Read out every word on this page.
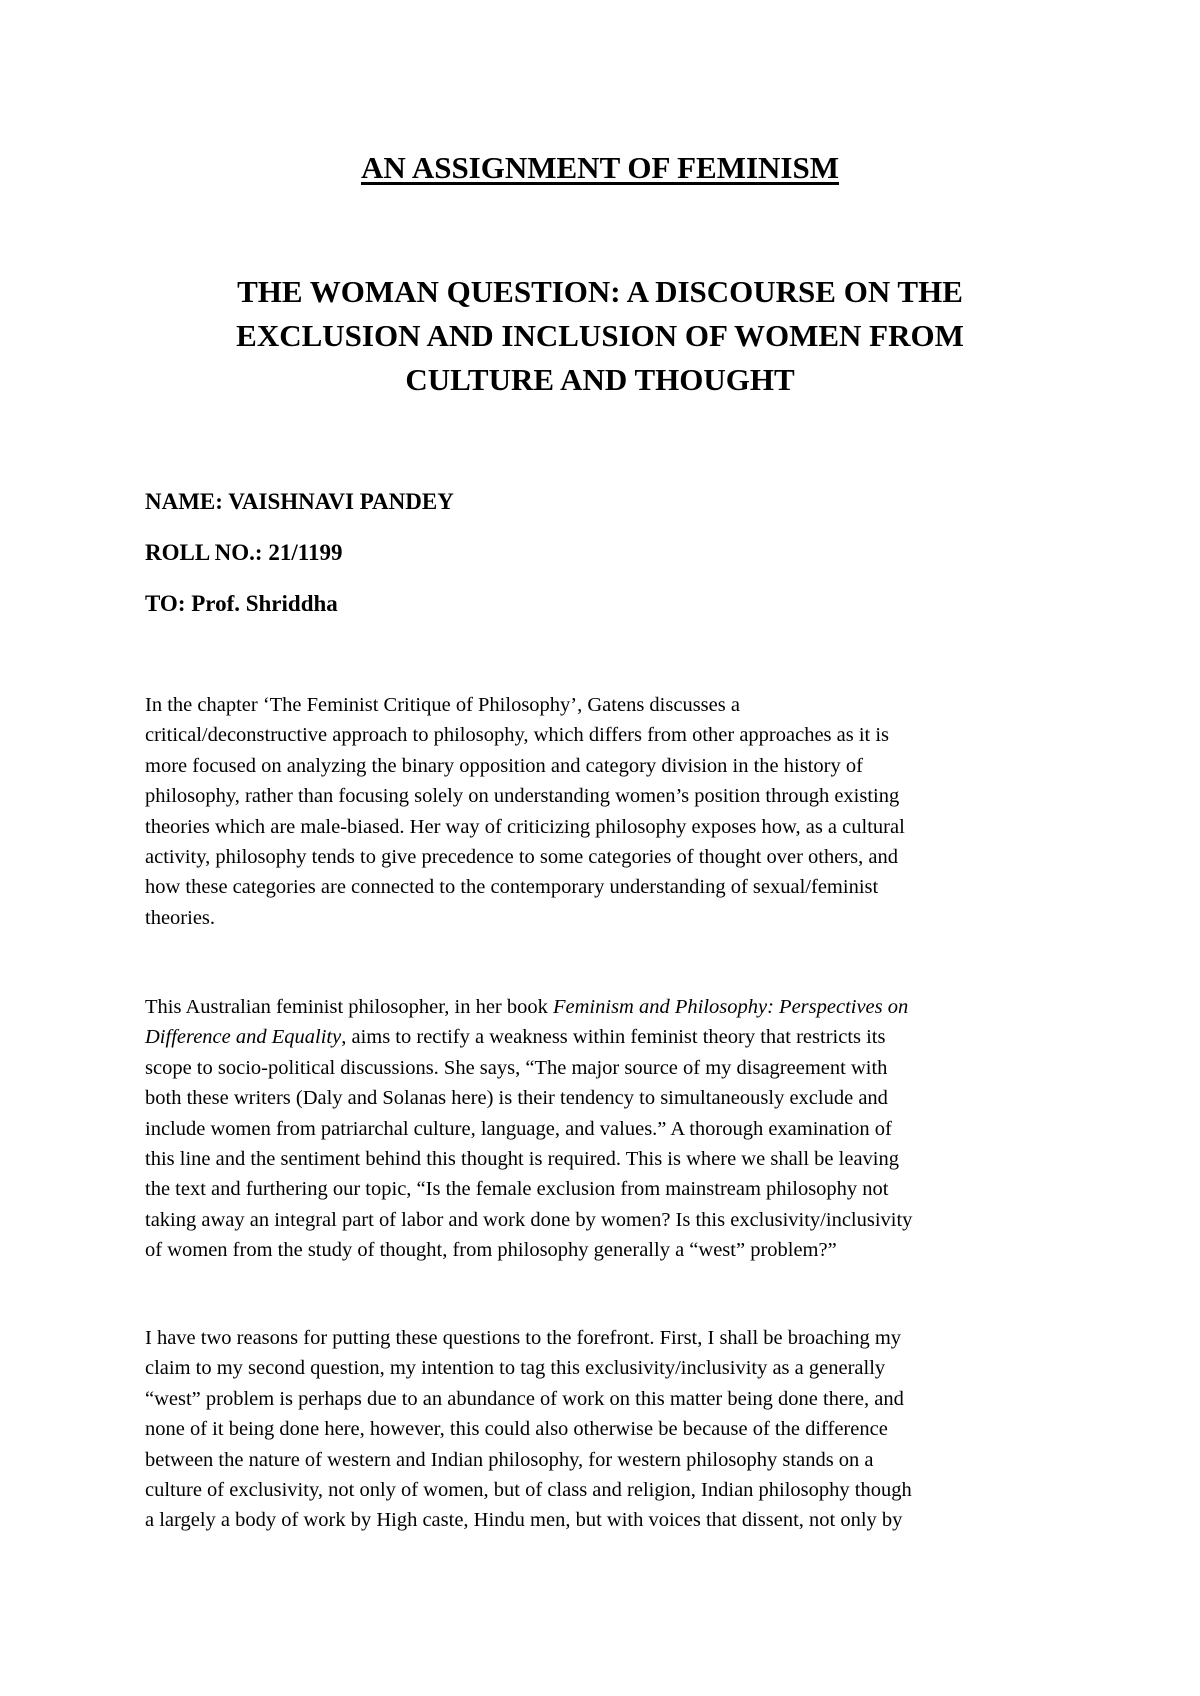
AN ASSIGNMENT OF FEMINISM
THE WOMAN QUESTION: A DISCOURSE ON THE
EXCLUSION AND INCLUSION OF WOMEN FROM
CULTURE AND THOUGHT

NAME: VAISHNAVI PANDEY

ROLL NO.: 21/1199

TO: Prof. Shriddha

In the chapter ‘The Feminist Critique of Philosophy’, Gatens discusses a
critical/deconstructive approach to philosophy, which differs from other approaches as it is
more focused on analyzing the binary opposition and category division in the history of
philosophy, rather than focusing solely on understanding women’s position through existing
theories which are male-biased. Her way of criticizing philosophy exposes how, as a cultural
activity, philosophy tends to give precedence to some categories of thought over others, and
how these categories are connected to the contemporary understanding of sexual/feminist
theories.

This Australian feminist philosopher, in her book Feminism and Philosophy: Perspectives on
Difference and Equality, aims to rectify a weakness within feminist theory that restricts its
scope to socio-political discussions. She says, “The major source of my disagreement with
both these writers (Daly and Solanas here) is their tendency to simultaneously exclude and
include women from patriarchal culture, language, and values.” A thorough examination of
this line and the sentiment behind this thought is required. This is where we shall be leaving
the text and furthering our topic, “Is the female exclusion from mainstream philosophy not
taking away an integral part of labor and work done by women? Is this exclusivity/inclusivity
of women from the study of thought, from philosophy generally a “west” problem?”

I have two reasons for putting these questions to the forefront. First, I shall be broaching my
claim to my second question, my intention to tag this exclusivity/inclusivity as a generally
“west” problem is perhaps due to an abundance of work on this matter being done there, and
none of it being done here, however, this could also otherwise be because of the difference
between the nature of western and Indian philosophy, for western philosophy stands on a
culture of exclusivity, not only of women, but of class and religion, Indian philosophy though
a largely a body of work by High caste, Hindu men, but with voices that dissent, not only by
